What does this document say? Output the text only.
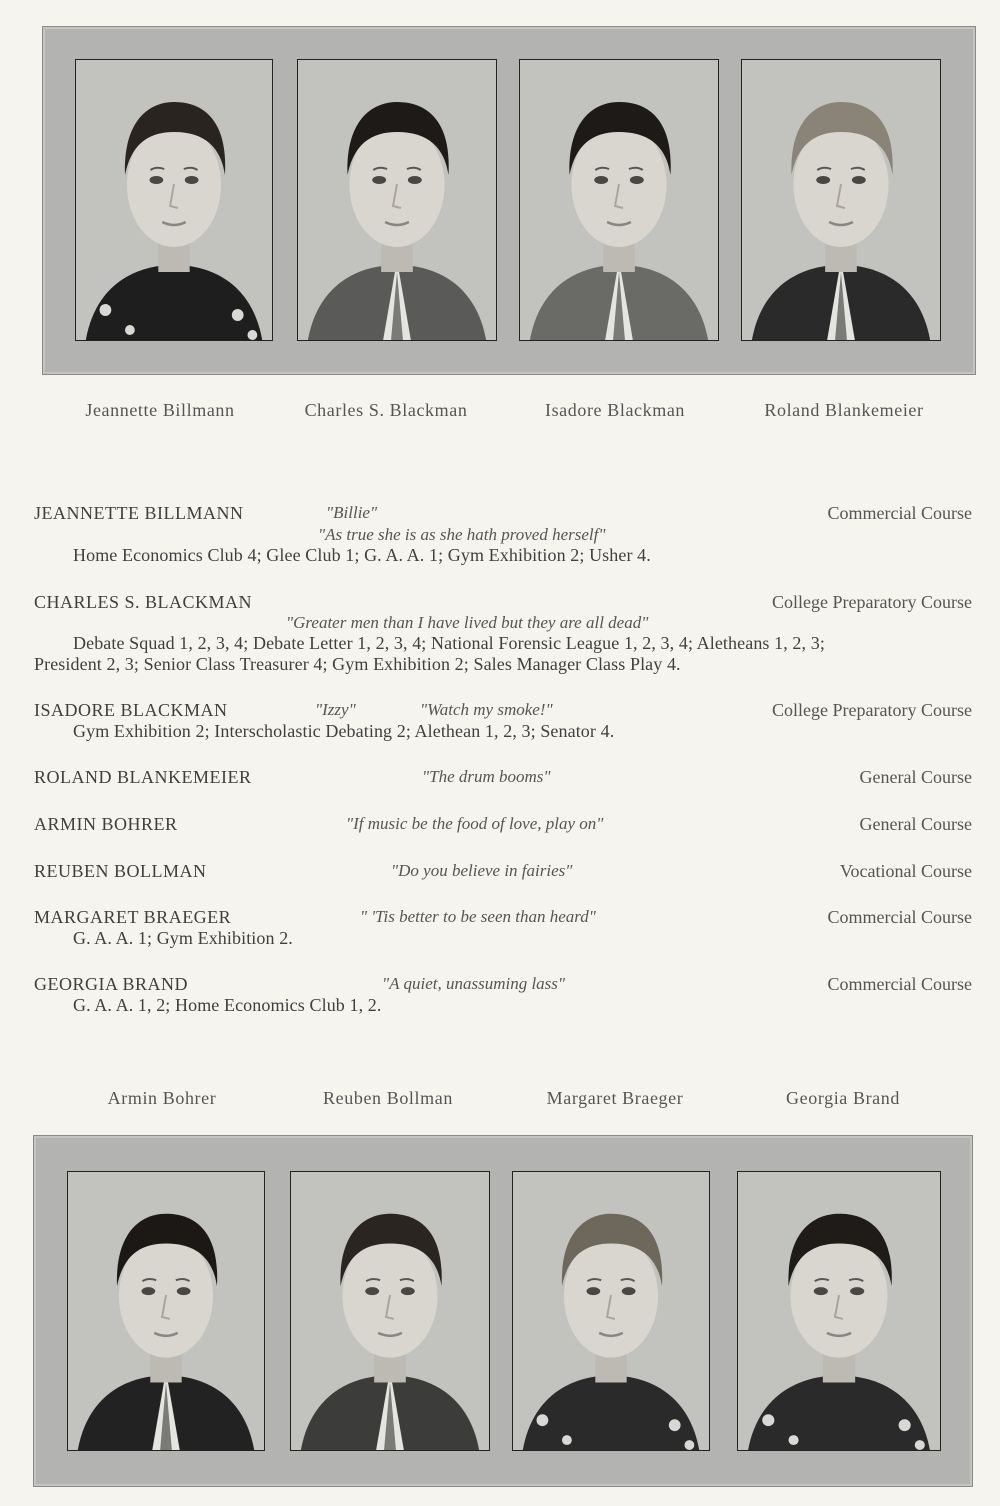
Jeannette Billmann	Charles S. Blackman	Isadore Blackman	Roland Blankemeier
JEANNETTE BILLMANN	"Billie"	Commercial Course
"As true she is as she hath proved herself"
Home Economics Club 4; Glee Club 1; G. A. A. 1; Gym Exhibition 2; Usher 4.
CHARLES S. BLACKMAN	College Preparatory Course
"Greater men than I have lived but they are all dead"
Debate Squad 1, 2, 3, 4; Debate Letter 1, 2, 3, 4; National Forensic League 1, 2, 3, 4; Aletheans 1, 2, 3;
President 2, 3; Senior Class Treasurer 4; Gym Exhibition 2; Sales Manager Class Play 4.
ISADORE BLACKMAN	"Izzy"	"Watch my smoke!"	College Preparatory Course
Gym Exhibition 2; Interscholastic Debating 2; Alethean 1, 2, 3; Senator 4.
ROLAND BLANKEMEIER	"The drum booms"	General Course
ARMIN BOHRER	"If music be the food of love, play on"	General Course
REUBEN BOLLMAN	"Do you believe in fairies"	Vocational Course
MARGARET BRAEGER	" 'Tis better to be seen than heard"	Commercial Course
G. A. A. 1; Gym Exhibition 2.
GEORGIA BRAND	"A quiet, unassuming lass"	Commercial Course
G. A. A. 1, 2; Home Economics Club 1, 2.
Armin Bohrer	Reuben Bollman	Margaret Braeger	Georgia Brand
